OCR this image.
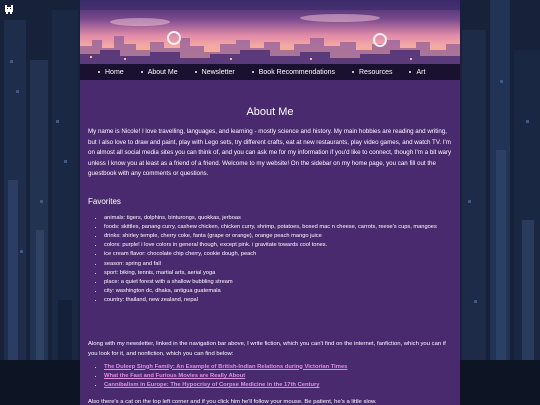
Home	About Me	Newsletter	Book Recommendations	Resources	Art
About Me

My name is Nicole! I love travelling, languages, and learning - mostly science and history. My main hobbies are reading and writing, but I also love to draw and paint, play with Lego sets, try different crafts, eat at new restaurants, play video games, and watch TV. I'm on almost all social media sites you can think of, and you can ask me for my information if you'd like to connect, though I'm a bit wary unless I know you at least as a friend of a friend. Welcome to my website! On the sidebar on my home page, you can fill out the guestbook with any comments or questions.

Favorites
• animals: tigers, dolphins, binturongs, quokkas, jerboas
• foods: skittles, panang curry, cashew chicken, chicken curry, shrimp, potatoes, boxed mac n cheese, carrots, reese's cups, mangoes
• drinks: shirley temple, cherry coke, fanta (grape or orange), orange peach mango juice
• colors: purple! i love colors in general though, except pink. i gravitate towards cool tones.
• ice cream flavor: chocolate chip cherry, cookie dough, peach
• season: spring and fall
• sport: biking, tennis, martial arts, aerial yoga
• place: a quiet forest with a shallow bubbling stream
• city: washington dc, dhaka, antigua guatemala
• country: thailand, new zealand, nepal

Along with my newsletter, linked in the navigation bar above, I write fiction, which you can't find on the internet, fanfiction, which you can if you look for it, and nonfiction, which you can find below:

• The Duleep Singh Family: An Example of British-Indian Relations during Victorian Times
• What the Fast and Furious Movies are Really About
• Cannibalism in Europe: The Hypocrisy of Corpse Medicine in the 17th Century

Also there's a cat on the top left corner and if you click him he'll follow your mouse. Be patient, he's a little slow.
